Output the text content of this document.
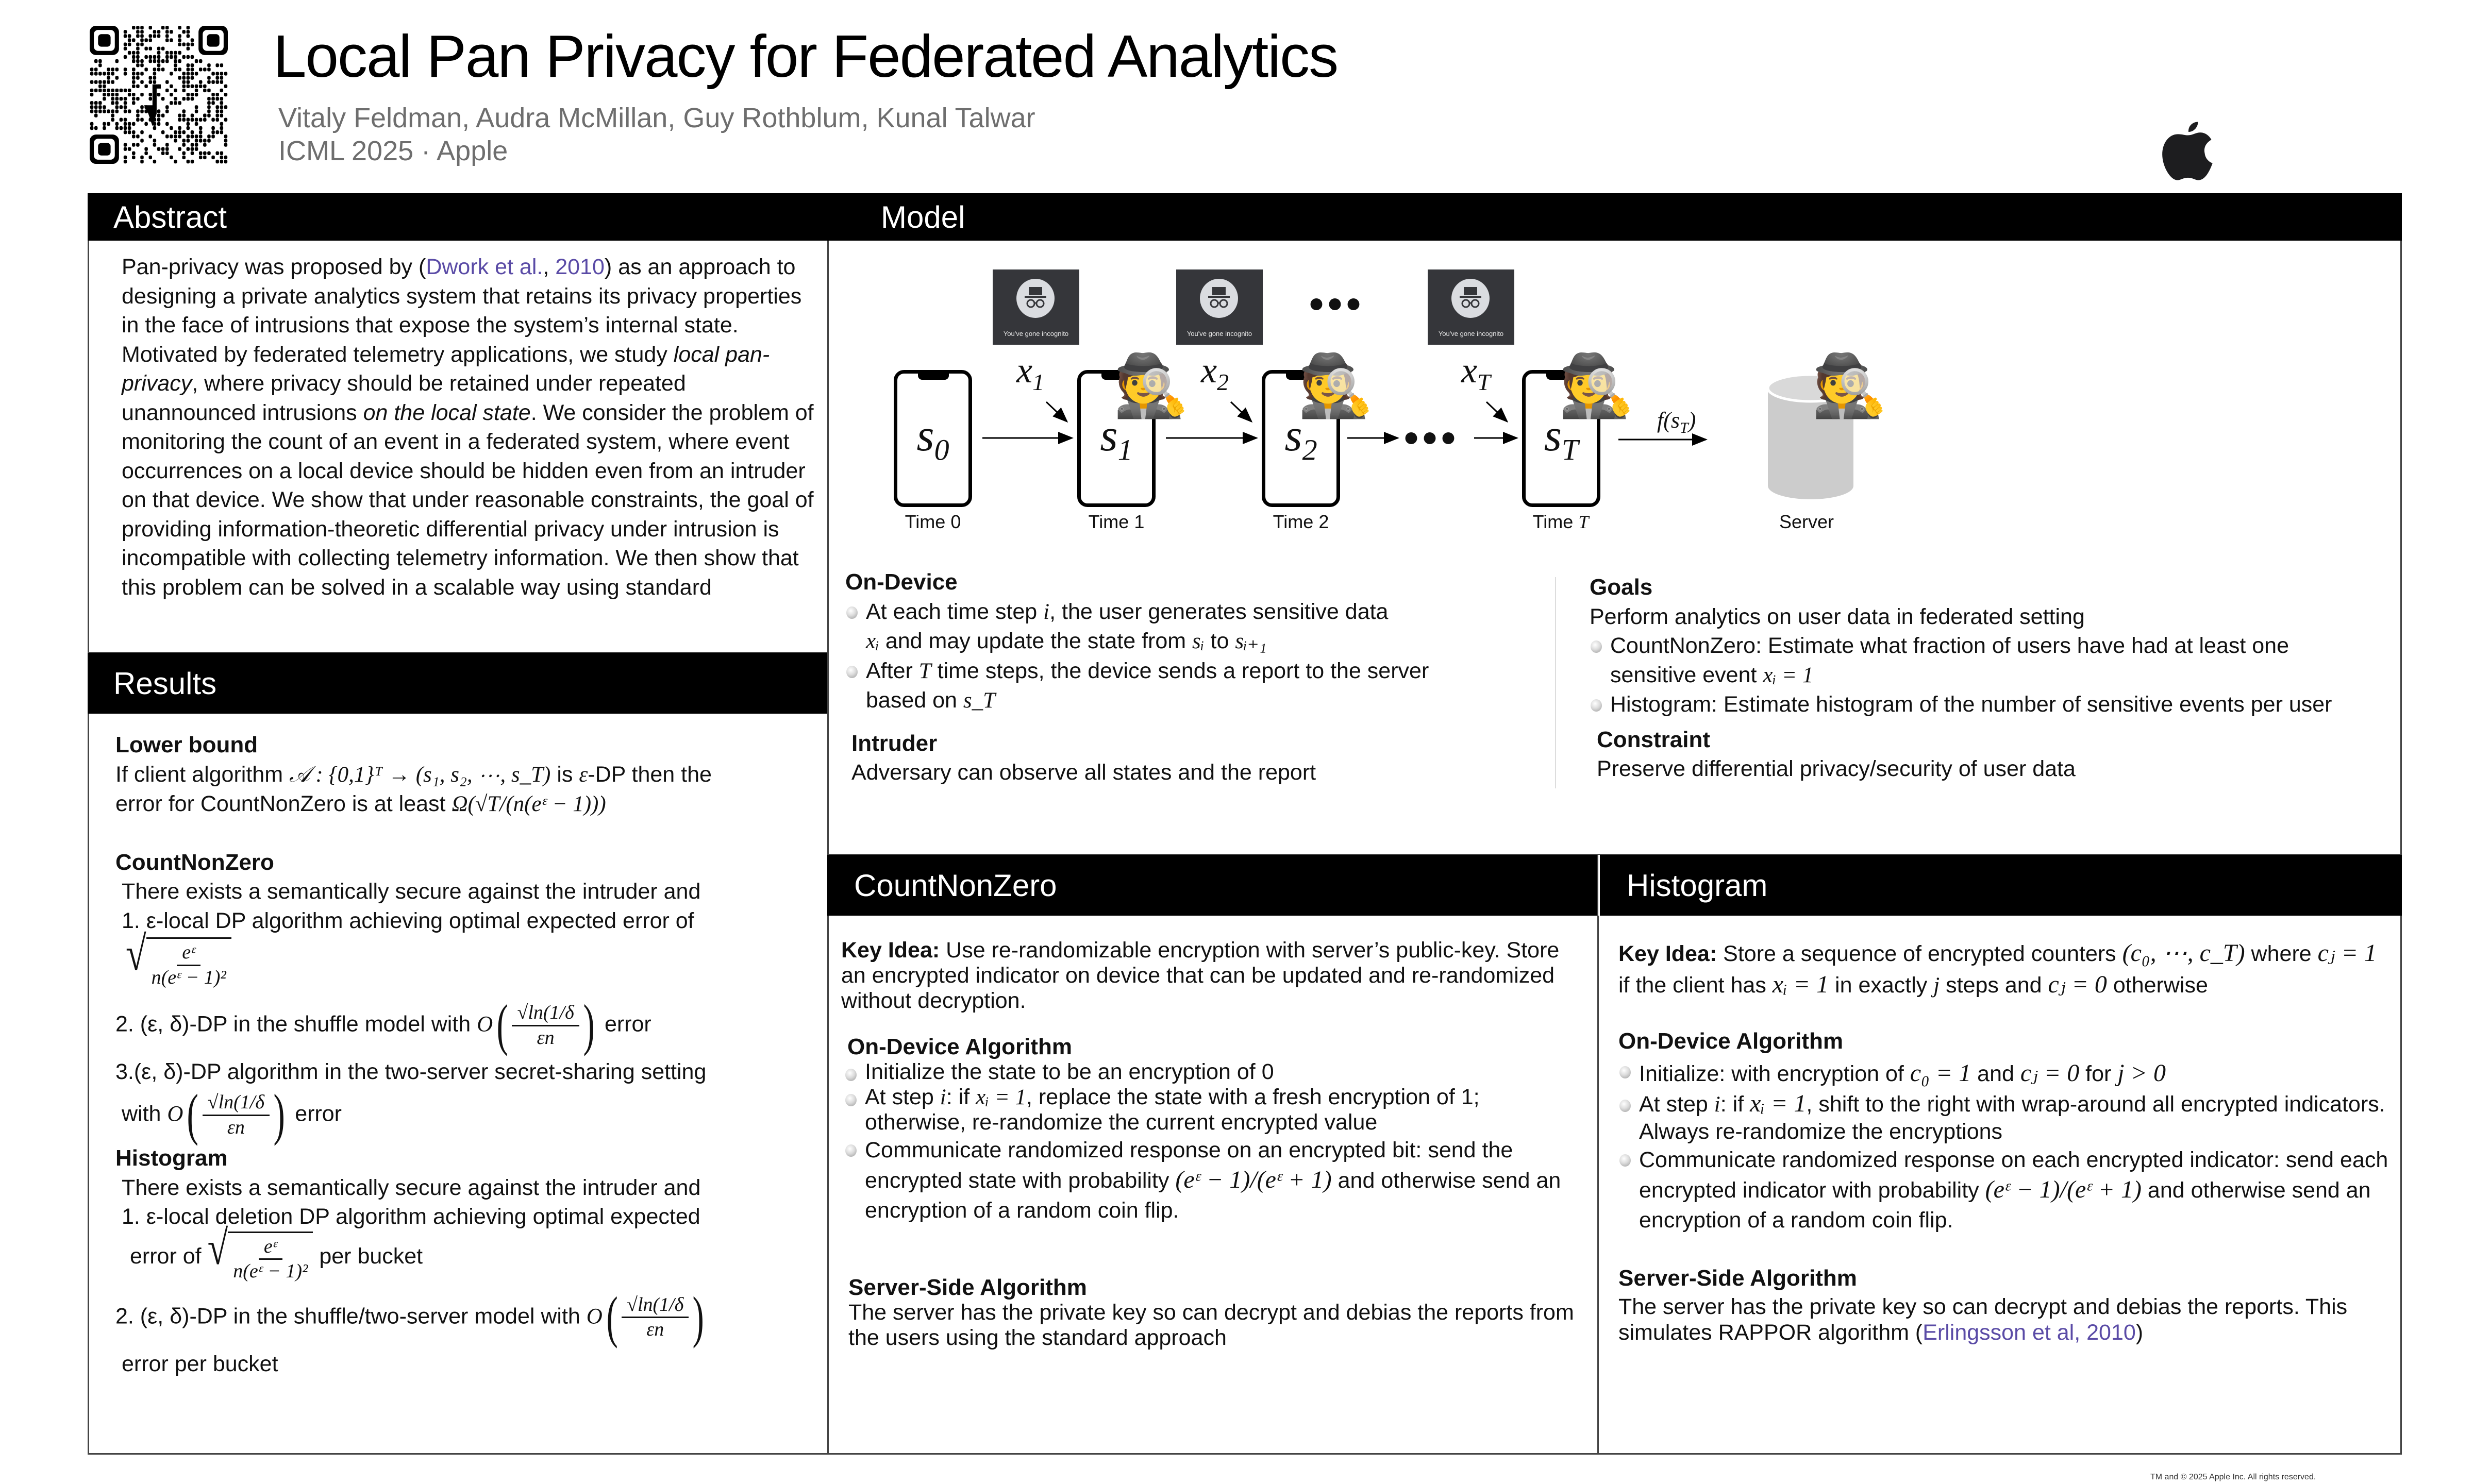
Local Pan Privacy for Federated Analytics
Vitaly Feldman, Audra McMillan, Guy Rothblum, Kunal Talwar
ICML 2025 · Apple
Abstract
Pan-privacy was proposed by (Dwork et al., 2010) as an approach to designing a private analytics system that retains its privacy properties in the face of intrusions that expose the system’s internal state. Motivated by federated telemetry applications, we study local pan-privacy, where privacy should be retained under repeated unannounced intrusions on the local state. We consider the problem of monitoring the count of an event in a federated system, where event occurrences on a local device should be hidden even from an intruder on that device. We show that under reasonable constraints, the goal of providing information-theoretic differential privacy under intrusion is incompatible with collecting telemetry information. We then show that this problem can be solved in a scalable way using standard
Results
Lower bound
If client algorithm 𝒜 : {0,1}ᵀ → (s₁, s₂, ⋯, s_T) is ε-DP then the
error for CountNonZero is at least Ω(√T/(n(eᵋ − 1)))
CountNonZero
There exists a semantically secure against the intruder and
1. ε-local DP algorithm achieving optimal expected error of
√ $\frac{\text{eᵋ}}{\text{n(eᵋ − 1)²}}$
2. (ε, δ)-DP in the shuffle model with $O( \frac{√\ln(1/\delta}{\varepsilon n}$ ) error
3.(ε, δ)-DP algorithm in the two-server secret-sharing setting
with $O( \frac{√\ln(1/\delta}{\varepsilon n}$ ) error
Histogram
There exists a semantically secure against the intruder and
1. ε-local deletion DP algorithm achieving optimal expected
error of √ $\frac{\text{eᵋ}}{\text{n(eᵋ − 1)²}}$ per bucket
2. (ε, δ)-DP in the shuffle/two-server model with $O( \frac{√\ln(1/\delta}{\varepsilon n}$ )
error per bucket
Model
You've gone incognito	You've gone incognito
•••
You've gone incognito
$s_0$	$s_1$	$s_2$	$s_T$
Time 0	Time 1	Time 2	Time T
$x_1$	$x_2$	$x_T$
•••	$f(s_T)$
Server
🕵️ 🕵️	🕵️	🕵️
On-Device
At each time step i, the user generates sensitive data
xᵢ and may update the state from sᵢ to sᵢ₊₁
After T time steps, the device sends a report to the server based on s_T
Intruder
Adversary can observe all states and the report
Goals
Perform analytics on user data in federated setting
CountNonZero: Estimate what fraction of users have had at least one sensitive event xᵢ = 1
Histogram: Estimate histogram of the number of sensitive events per user
Constraint
Preserve differential privacy/security of user data
CountNonZero
Key Idea: Use re-randomizable encryption with server’s public-key. Store an encrypted indicator on device that can be updated and re-randomized without decryption.
On-Device Algorithm
Initialize the state to be an encryption of 0
At step i: if xᵢ = 1, replace the state with a fresh encryption of 1; otherwise, re-randomize the current encrypted value
Communicate randomized response on an encrypted bit: send the encrypted state with probability (eᵋ − 1)/(eᵋ + 1) and otherwise send an encryption of a random coin flip.
Server-Side Algorithm
The server has the private key so can decrypt and debias the reports from the users using the standard approach
Histogram
Key Idea: Store a sequence of encrypted counters (c₀, ⋯, c_T) where cⱼ = 1 if the client has xᵢ = 1 in exactly j steps and cⱼ = 0 otherwise
On-Device Algorithm
Initialize: with encryption of c₀ = 1 and cⱼ = 0 for j > 0
At step i: if xᵢ = 1, shift to the right with wrap-around all encrypted indicators. Always re-randomize the encryptions
Communicate randomized response on each encrypted indicator: send each encrypted indicator with probability (eᵋ − 1)/(eᵋ + 1) and otherwise send an encryption of a random coin flip.
Server-Side Algorithm
The server has the private key so can decrypt and debias the reports. This simulates RAPPOR algorithm (Erlingsson et al, 2010)
TM and © 2025 Apple Inc. All rights reserved.
